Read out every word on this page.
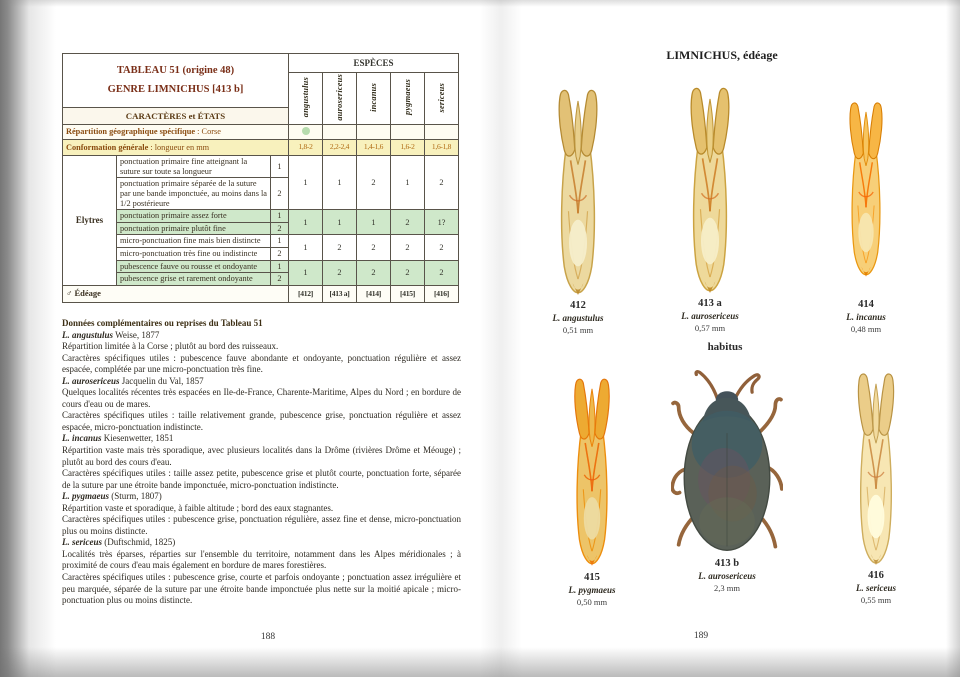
TABLEAU 51 (origine 48)
GENRE LIMNICHUS [413 b]			ESPÈCES				
			angustulus	aurosericeus	incanus	pygmaeus	sericeus
CARACTÈRES et ÉTATS							
Répartition géographique spécifique : Corse							
Conformation générale : longueur en mm			1,8-2	2,2-2,4	1,4-1,6	1,6-2	1,6-1,8
Elytres	ponctuation primaire fine atteignant la suture sur toute sa longueur	1	1	1	2	1	2
	ponctuation primaire séparée de la suture par une bande imponctuée, au moins dans la 1/2 postérieure	2					
	ponctuation primaire assez forte	1	1	1	1	2	1?
	ponctuation primaire plutôt fine	2					
	micro-ponctuation fine mais bien distincte	1	1	2	2	2	2
	micro-ponctuation très fine ou indistincte	2					
	pubescence fauve ou rousse et ondoyante	1	1	2	2	2	2
	pubescence grise et rarement ondoyante	2					
♂ Édéage			[412]	[413 a]	[414]	[415]	[416]
Données complémentaires ou reprises du Tableau 51
L. angustulus Weise, 1877
Répartition limitée à la Corse ; plutôt au bord des ruisseaux.
Caractères spécifiques utiles : pubescence fauve abondante et ondoyante, ponctuation régulière et assez espacée, complétée par une micro-ponctuation très fine.
L. aurosericeus Jacquelin du Val, 1857
Quelques localités récentes très espacées en Ile-de-France, Charente-Maritime, Alpes du Nord ; en bordure de cours d'eau ou de mares.
Caractères spécifiques utiles : taille relativement grande, pubescence grise, ponctuation régulière et assez espacée, micro-ponctuation indistincte.
L. incanus Kiesenwetter, 1851
Répartition vaste mais très sporadique, avec plusieurs localités dans la Drôme (rivières Drôme et Méouge) ; plutôt au bord des cours d'eau.
Caractères spécifiques utiles : taille assez petite, pubescence grise et plutôt courte, ponctuation forte, séparée de la suture par une étroite bande imponctuée, micro-ponctuation indistincte.
L. pygmaeus (Sturm, 1807)
Répartition vaste et sporadique, à faible altitude ; bord des eaux stagnantes.
Caractères spécifiques utiles : pubescence grise, ponctuation régulière, assez fine et dense, micro-ponctuation plus ou moins distincte.
L. sericeus (Duftschmid, 1825)
Localités très éparses, réparties sur l'ensemble du territoire, notamment dans les Alpes méridionales ; à proximité de cours d'eau mais également en bordure de mares forestières.
Caractères spécifiques utiles : pubescence grise, courte et parfois ondoyante ; ponctuation assez irrégulière et peu marquée, séparée de la suture par une étroite bande imponctuée plus nette sur la moitié apicale ; micro-ponctuation plus ou moins distincte.
188
LIMNICHUS, édéage
412
L. angustulus
0,51 mm
413 a
L. aurosericeus
0,57 mm
414
L. incanus
0,48 mm
habitus
415
L. pygmaeus
0,50 mm
413 b
L. aurosericeus
2,3 mm
416
L. sericeus
0,55 mm
189
